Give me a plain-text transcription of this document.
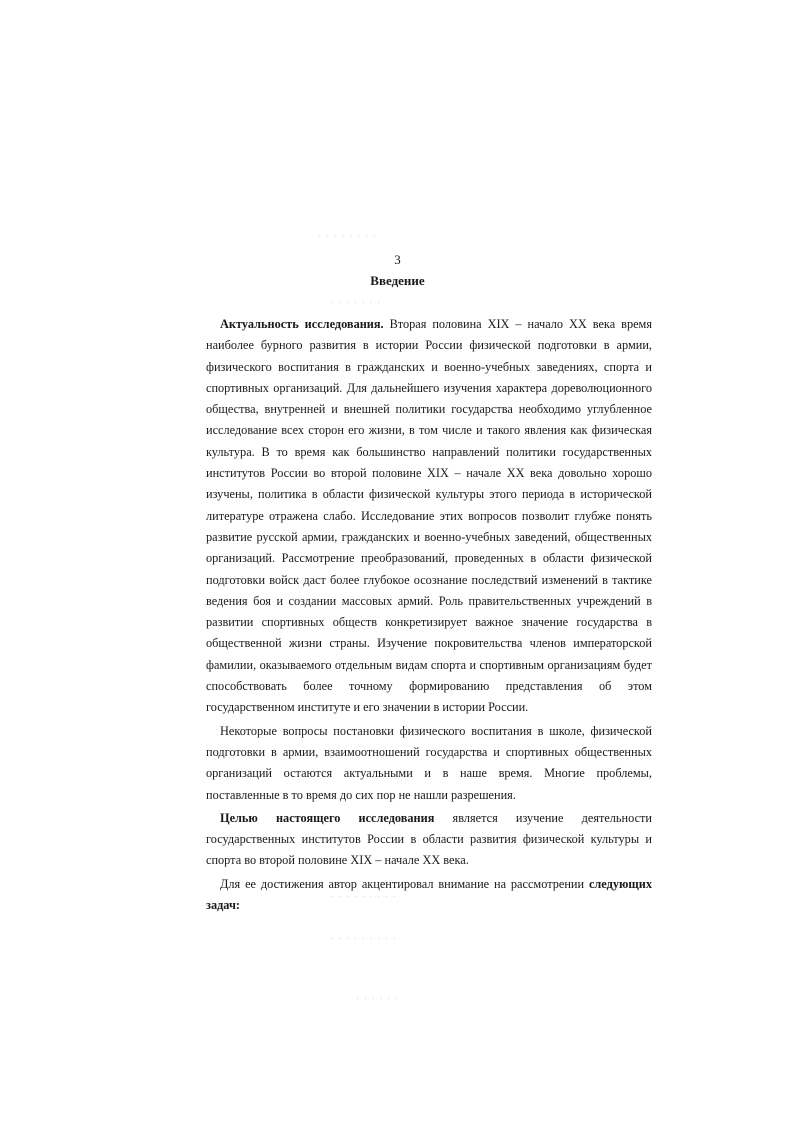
· · · · · · · ·
· · · · · · ·
3
Введение

Актуальность исследования. Вторая половина XIX – начало XX века время наиболее бурного развития в истории России физической подготовки в армии, физического воспитания в гражданских и военно-учебных заведениях, спорта и спортивных организаций. Для дальнейшего изучения характера дореволюционного общества, внутренней и внешней политики государства необходимо углубленное исследование всех сторон его жизни, в том числе и такого явления как физическая культура. В то время как большинство направлений политики государственных институтов России во второй половине XIX – начале XX века довольно хорошо изучены, политика в области физической культуры этого периода в исторической литературе отражена слабо. Исследование этих вопросов позволит глубже понять развитие русской армии, гражданских и военно-учебных заведений, общественных организаций. Рассмотрение преобразований, проведенных в области физической подготовки войск даст более глубокое осознание последствий изменений в тактике ведения боя и создании массовых армий. Роль правительственных учреждений в развитии спортивных обществ конкретизирует важное значение государства в общественной жизни страны. Изучение покровительства членов императорской фамилии, оказываемого отдельным видам спорта и спортивным организациям будет способствовать более точному формированию представления об этом государственном институте и его значении в истории России.

Некоторые вопросы постановки физического воспитания в школе, физической подготовки в армии, взаимоотношений государства и спортивных общественных организаций остаются актуальными и в наше время. Многие проблемы, поставленные в то время до сих пор не нашли разрешения.

Целью настоящего исследования является изучение деятельности государственных институтов России в области развития физической культуры и спорта во второй половине XIX – начале XX века.

Для ее достижения автор акцентировал внимание на рассмотрении следующих задач:

· · · · · · · · ·
· · · · · · · · ·
· · · · · ·
